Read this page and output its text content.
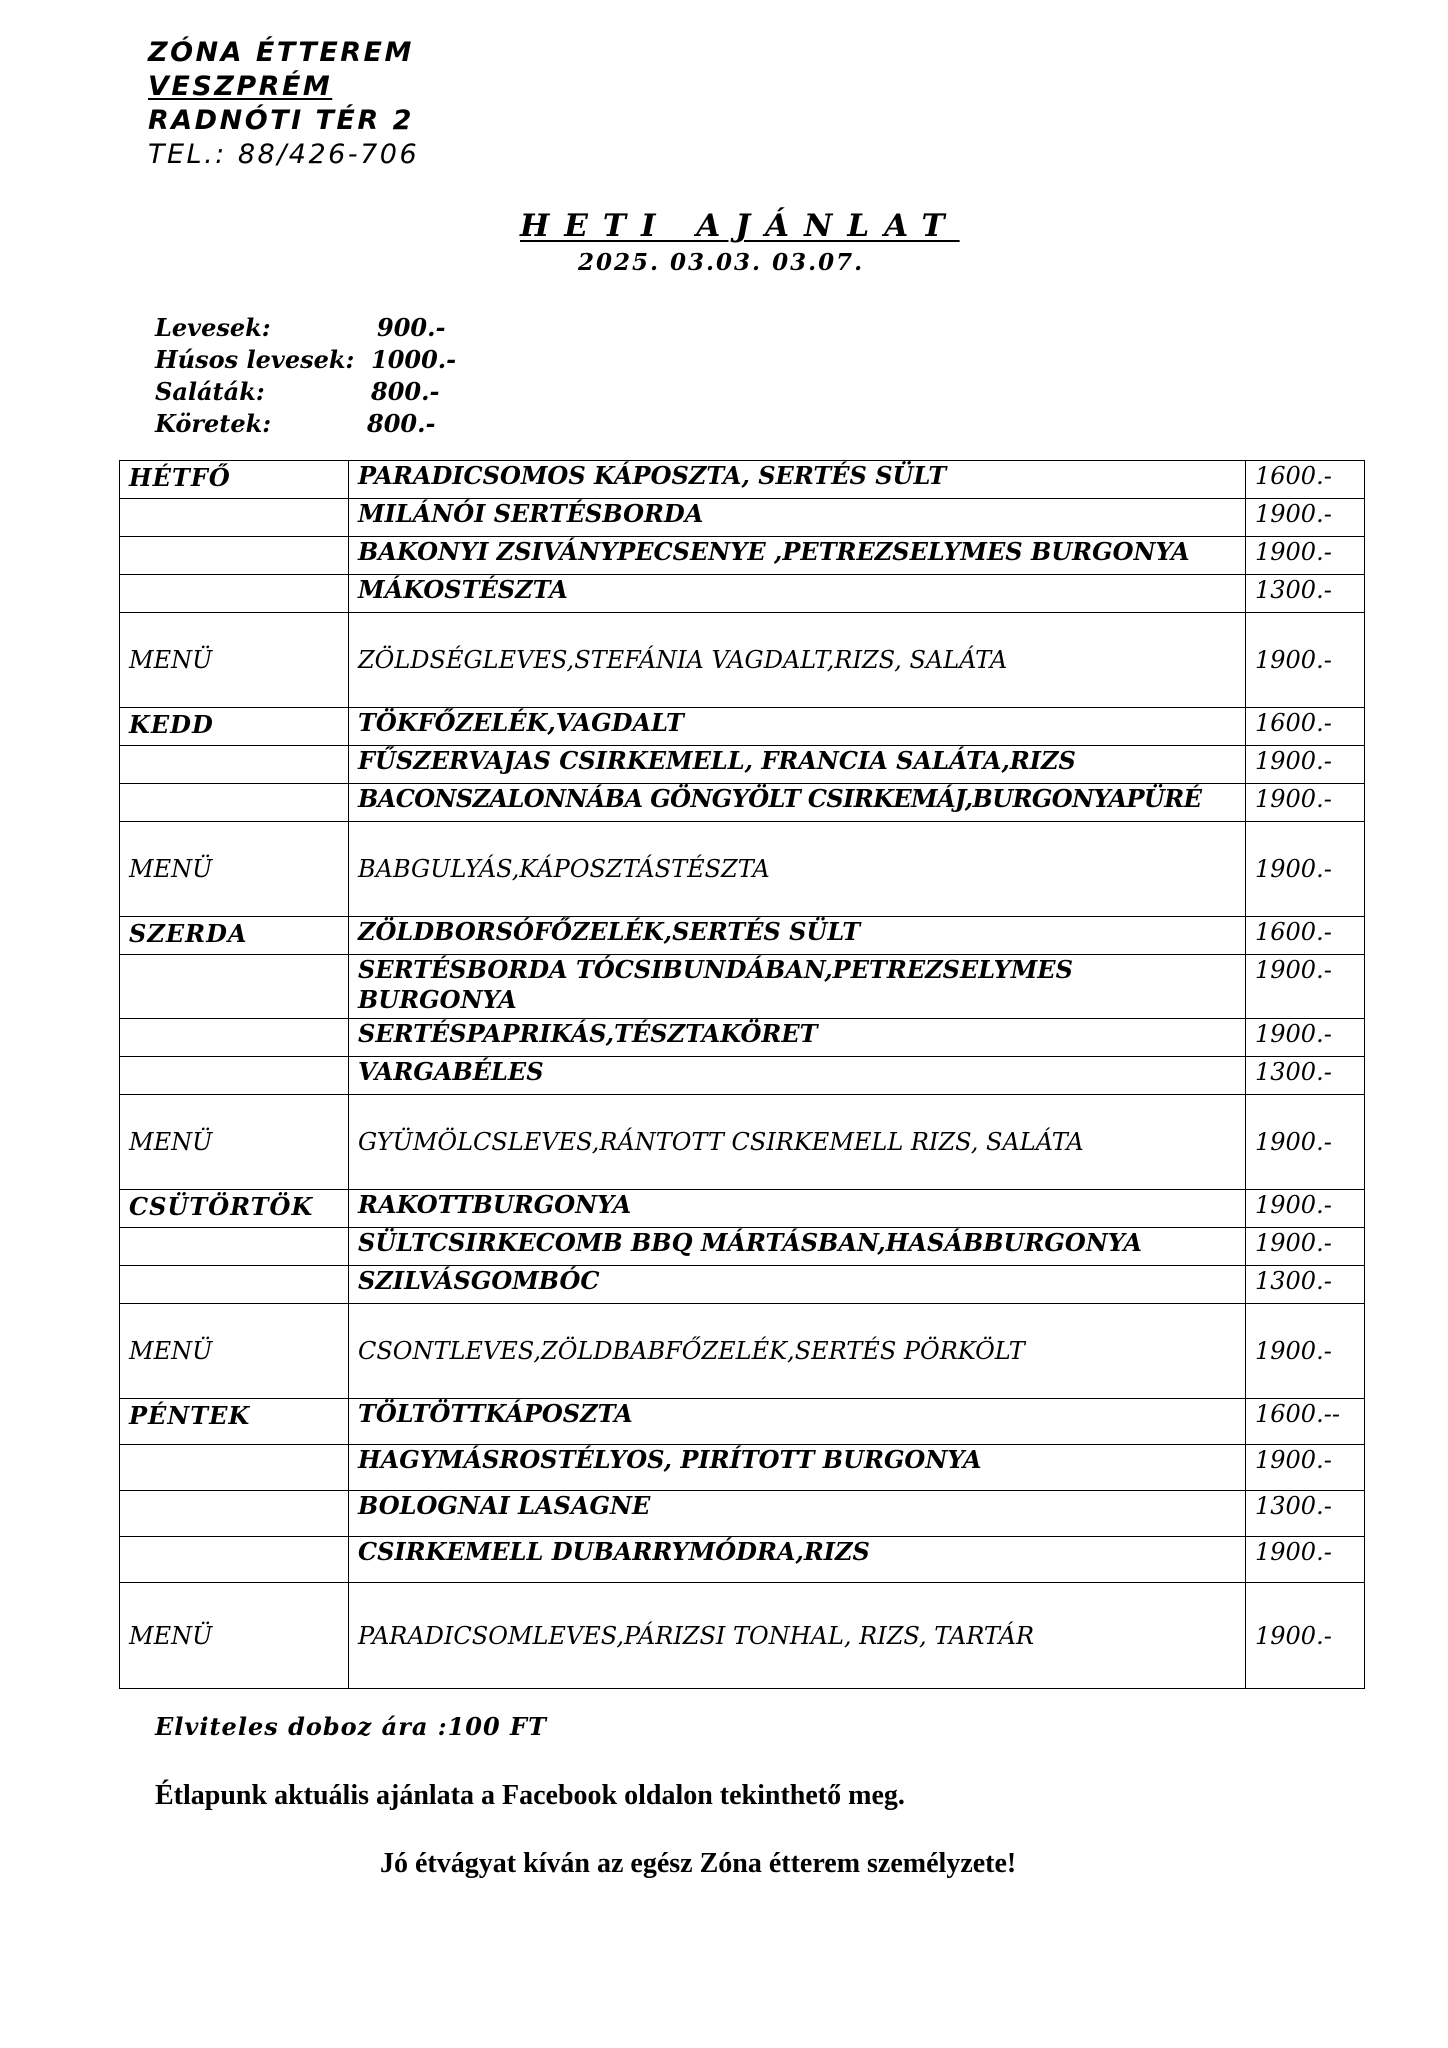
ZÓNA ÉTTEREM
VESZPRÉM
RADNÓTI TÉR 2
TEL.: 88/426-706
HETI AJÁNLAT
2025. 03.03. 03.07.
Levesek:	900.-
Húsos levesek: 1000.-
Saláták:	800.-
Köretek:	800.-
HÉTFŐ	PARADICSOMOS KÁPOSZTA, SERTÉS SÜLT	1600.-
	MILÁNÓI SERTÉSBORDA	1900.-
	BAKONYI ZSIVÁNYPECSENYE ,PETREZSELYMES BURGONYA	1900.-
	MÁKOSTÉSZTA	1300.-
MENÜ	ZÖLDSÉGLEVES,STEFÁNIA VAGDALT,RIZS, SALÁTA	1900.-
KEDD	TÖKFŐZELÉK,VAGDALT	1600.-
	FŰSZERVAJAS CSIRKEMELL, FRANCIA SALÁTA,RIZS	1900.-
	BACONSZALONNÁBA GÖNGYÖLT CSIRKEMÁJ,BURGONYAPÜRÉ	1900.-
MENÜ	BABGULYÁS,KÁPOSZTÁSTÉSZTA	1900.-
SZERDA	ZÖLDBORSÓFŐZELÉK,SERTÉS SÜLT	1600.-

	SERTÉSBORDA TÓCSIBUNDÁBAN,PETREZSELYMES BURGONYA	1900.-
	SERTÉSPAPRIKÁS,TÉSZTAKÖRET	1900.-
	VARGABÉLES	1300.-
MENÜ	GYÜMÖLCSLEVES,RÁNTOTT CSIRKEMELL RIZS, SALÁTA	1900.-
CSÜTÖRTÖK	RAKOTTBURGONYA	1900.-
	SÜLTCSIRKECOMB BBQ MÁRTÁSBAN,HASÁBBURGONYA	1900.-
	SZILVÁSGOMBÓC	1300.-
MENÜ	CSONTLEVES,ZÖLDBABFŐZELÉK,SERTÉS PÖRKÖLT	1900.-
PÉNTEK	TÖLTÖTTKÁPOSZTA	1600.--
	HAGYMÁSROSTÉLYOS, PIRÍTOTT BURGONYA	1900.-
	BOLOGNAI LASAGNE	1300.-
	CSIRKEMELL DUBARRYMÓDRA,RIZS	1900.-
MENÜ	PARADICSOMLEVES,PÁRIZSI TONHAL, RIZS, TARTÁR	1900.-
Elviteles doboz ára :100 FT
Étlapunk aktuális ajánlata a Facebook oldalon tekinthető meg.
Jó étvágyat kíván az egész Zóna étterem személyzete!
